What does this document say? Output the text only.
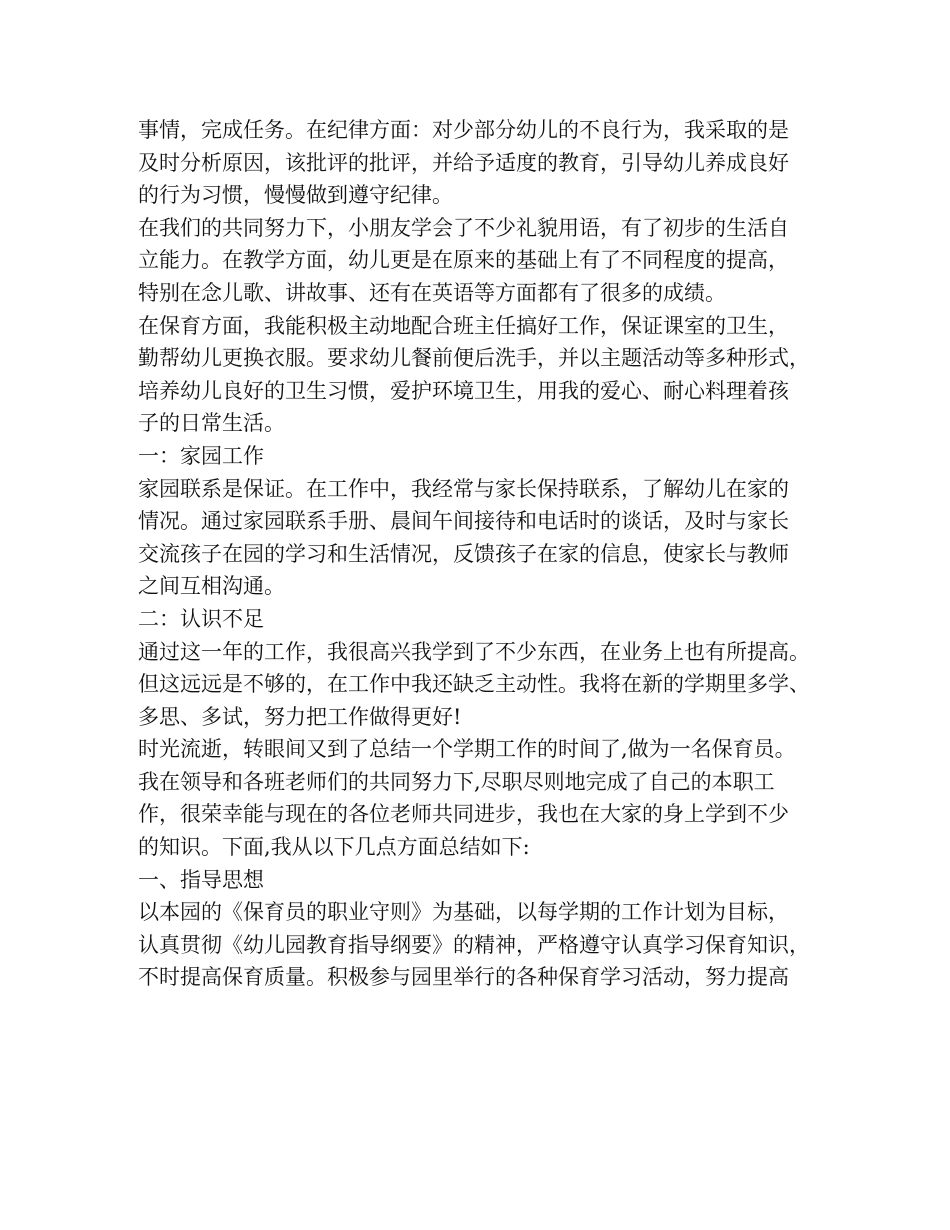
事情，完成任务。在纪律方面：对少部分幼儿的不良行为，我采取的是
及时分析原因，该批评的批评，并给予适度的教育，引导幼儿养成良好
的行为习惯，慢慢做到遵守纪律。
在我们的共同努力下，小朋友学会了不少礼貌用语，有了初步的生活自
立能力。在教学方面，幼儿更是在原来的基础上有了不同程度的提高，
特别在念儿歌、讲故事、还有在英语等方面都有了很多的成绩。
在保育方面，我能积极主动地配合班主任搞好工作，保证课室的卫生，
勤帮幼儿更换衣服。要求幼儿餐前便后洗手，并以主题活动等多种形式，
培养幼儿良好的卫生习惯，爱护环境卫生，用我的爱心、耐心料理着孩
子的日常生活。
一：家园工作
家园联系是保证。在工作中，我经常与家长保持联系，了解幼儿在家的
情况。通过家园联系手册、晨间午间接待和电话时的谈话，及时与家长
交流孩子在园的学习和生活情况，反馈孩子在家的信息，使家长与教师
之间互相沟通。
二：认识不足
通过这一年的工作，我很高兴我学到了不少东西，在业务上也有所提高。
但这远远是不够的，在工作中我还缺乏主动性。我将在新的学期里多学、
多思、多试，努力把工作做得更好!
时光流逝，转眼间又到了总结一个学期工作的时间了,做为一名保育员。
我在领导和各班老师们的共同努力下,尽职尽则地完成了自己的本职工
作，很荣幸能与现在的各位老师共同进步，我也在大家的身上学到不少
的知识。下面,我从以下几点方面总结如下:
一、指导思想
以本园的《保育员的职业守则》为基础，以每学期的工作计划为目标，
认真贯彻《幼儿园教育指导纲要》的精神，严格遵守认真学习保育知识，
不时提高保育质量。积极参与园里举行的各种保育学习活动，努力提高
